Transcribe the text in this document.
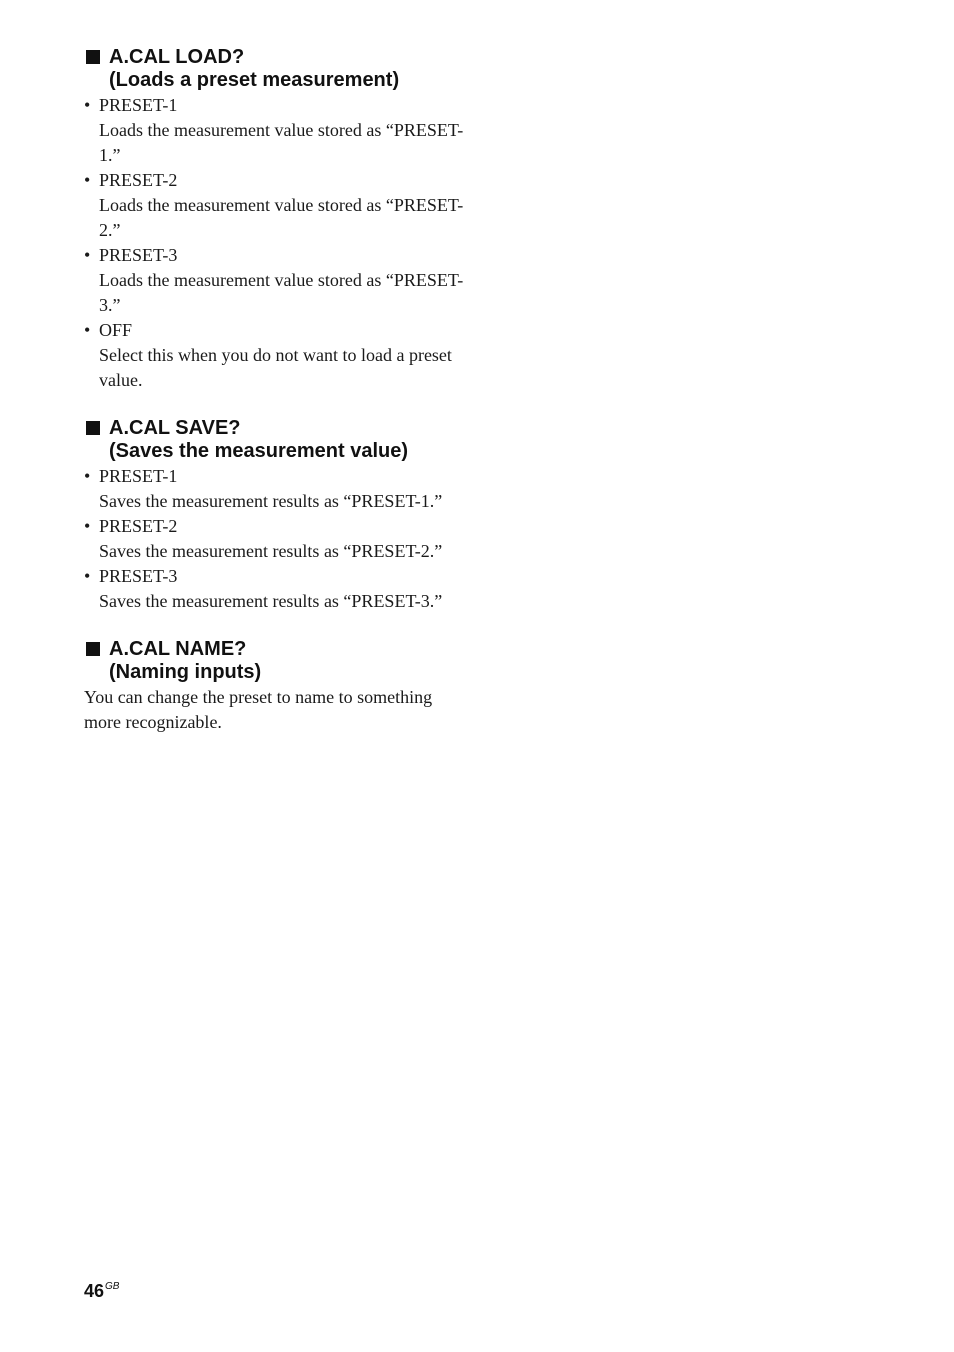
A.CAL LOAD?
(Loads a preset measurement)
• PRESET-1
Loads the measurement value stored as “PRESET-1.”
• PRESET-2
Loads the measurement value stored as “PRESET-2.”
• PRESET-3
Loads the measurement value stored as “PRESET-3.”
• OFF
Select this when you do not want to load a preset value.
A.CAL SAVE?
(Saves the measurement value)
• PRESET-1
Saves the measurement results as “PRESET-1.”
• PRESET-2
Saves the measurement results as “PRESET-2.”
• PRESET-3
Saves the measurement results as “PRESET-3.”
A.CAL NAME?
(Naming inputs)
You can change the preset to name to something more recognizable.
$46^{GB}$
